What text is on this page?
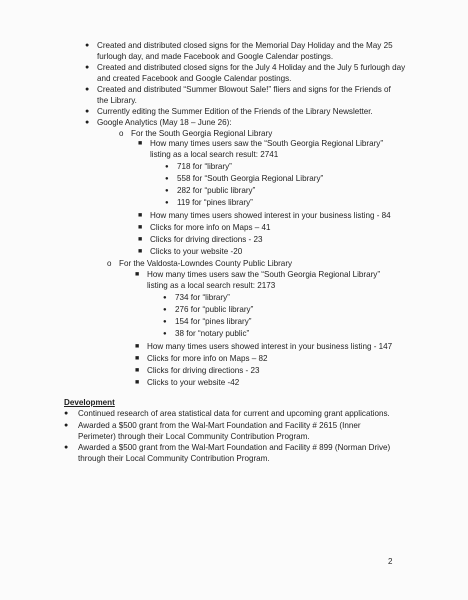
●
Created and distributed closed signs for the Memorial Day Holiday and the May 25
furlough day, and made Facebook and Google Calendar postings.
●
Created and distributed closed signs for the July 4 Holiday and the July 5 furlough day
and created Facebook and Google Calendar postings.
●
Created and distributed “Summer Blowout Sale!” fliers and signs for the Friends of
the Library.
●
Currently editing the Summer Edition of the Friends of the Library Newsletter.
●
Google Analytics (May 18 – June 26):
o For the South Georgia Regional Library
■
How many times users saw the “South Georgia Regional Library”
listing as a local search result: 2741
●
718 for “library”
●
558 for “South Georgia Regional Library”
●
282 for “public library”
●
119 for “pines library”
■
How many times users showed interest in your business listing - 84
■
Clicks for more info on Maps – 41
■
Clicks for driving directions - 23
■
Clicks to your website -20
o For the Valdosta-Lowndes County Public Library
■
How many times users saw the “South Georgia Regional Library”
listing as a local search result: 2173
●
734 for “library”
●
276 for “public library”
●
154 for “pines library”
●
38 for “notary public”
■
How many times users showed interest in your business listing - 147
■
Clicks for more info on Maps – 82
■
Clicks for driving directions - 23
■
Clicks to your website -42
Development
●
Continued research of area statistical data for current and upcoming grant applications.
●
Awarded a $500 grant from the Wal-Mart Foundation and Facility # 2615 (Inner
Perimeter) through their Local Community Contribution Program.
●
Awarded a $500 grant from the Wal-Mart Foundation and Facility # 899 (Norman Drive)
through their Local Community Contribution Program.
2
